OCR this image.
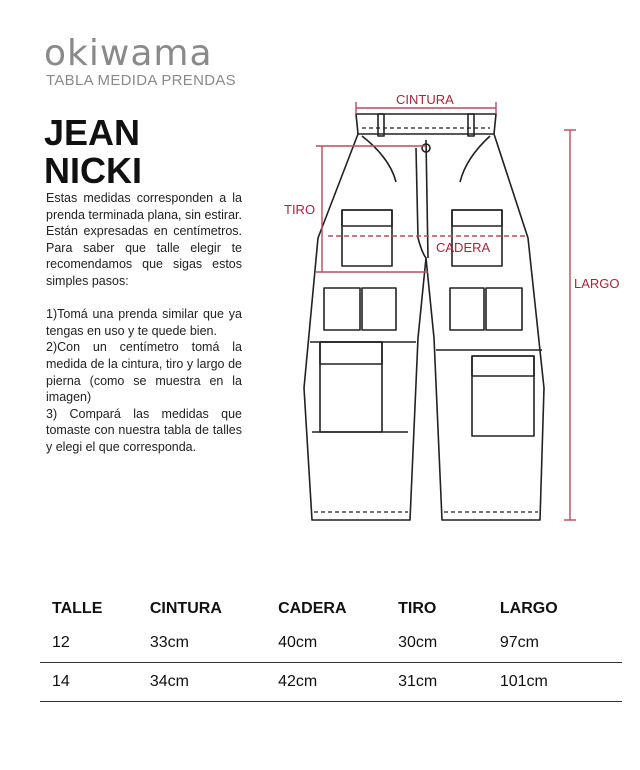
okiwama
TABLA MEDIDA PRENDAS
JEAN
NICKI

Estas medidas corresponden a la prenda terminada plana, sin estirar. Están expresadas en centímetros. Para saber que talle elegir te recomendamos que sigas estos simples pasos:

1)Tomá una prenda similar que ya tengas en uso y te quede bien.

2)Con un centímetro tomá la medida de la cintura, tiro y largo de pierna (como se muestra en la imagen)

3) Compará las medidas que tomaste con nuestra tabla de talles y elegi el que corresponda.

CINTURA
TIRO
CADERA
LARGO
TALLE	CINTURA	CADERA	TIRO	LARGO
12	33cm	40cm	30cm	97cm
14	34cm	42cm	31cm	101cm
